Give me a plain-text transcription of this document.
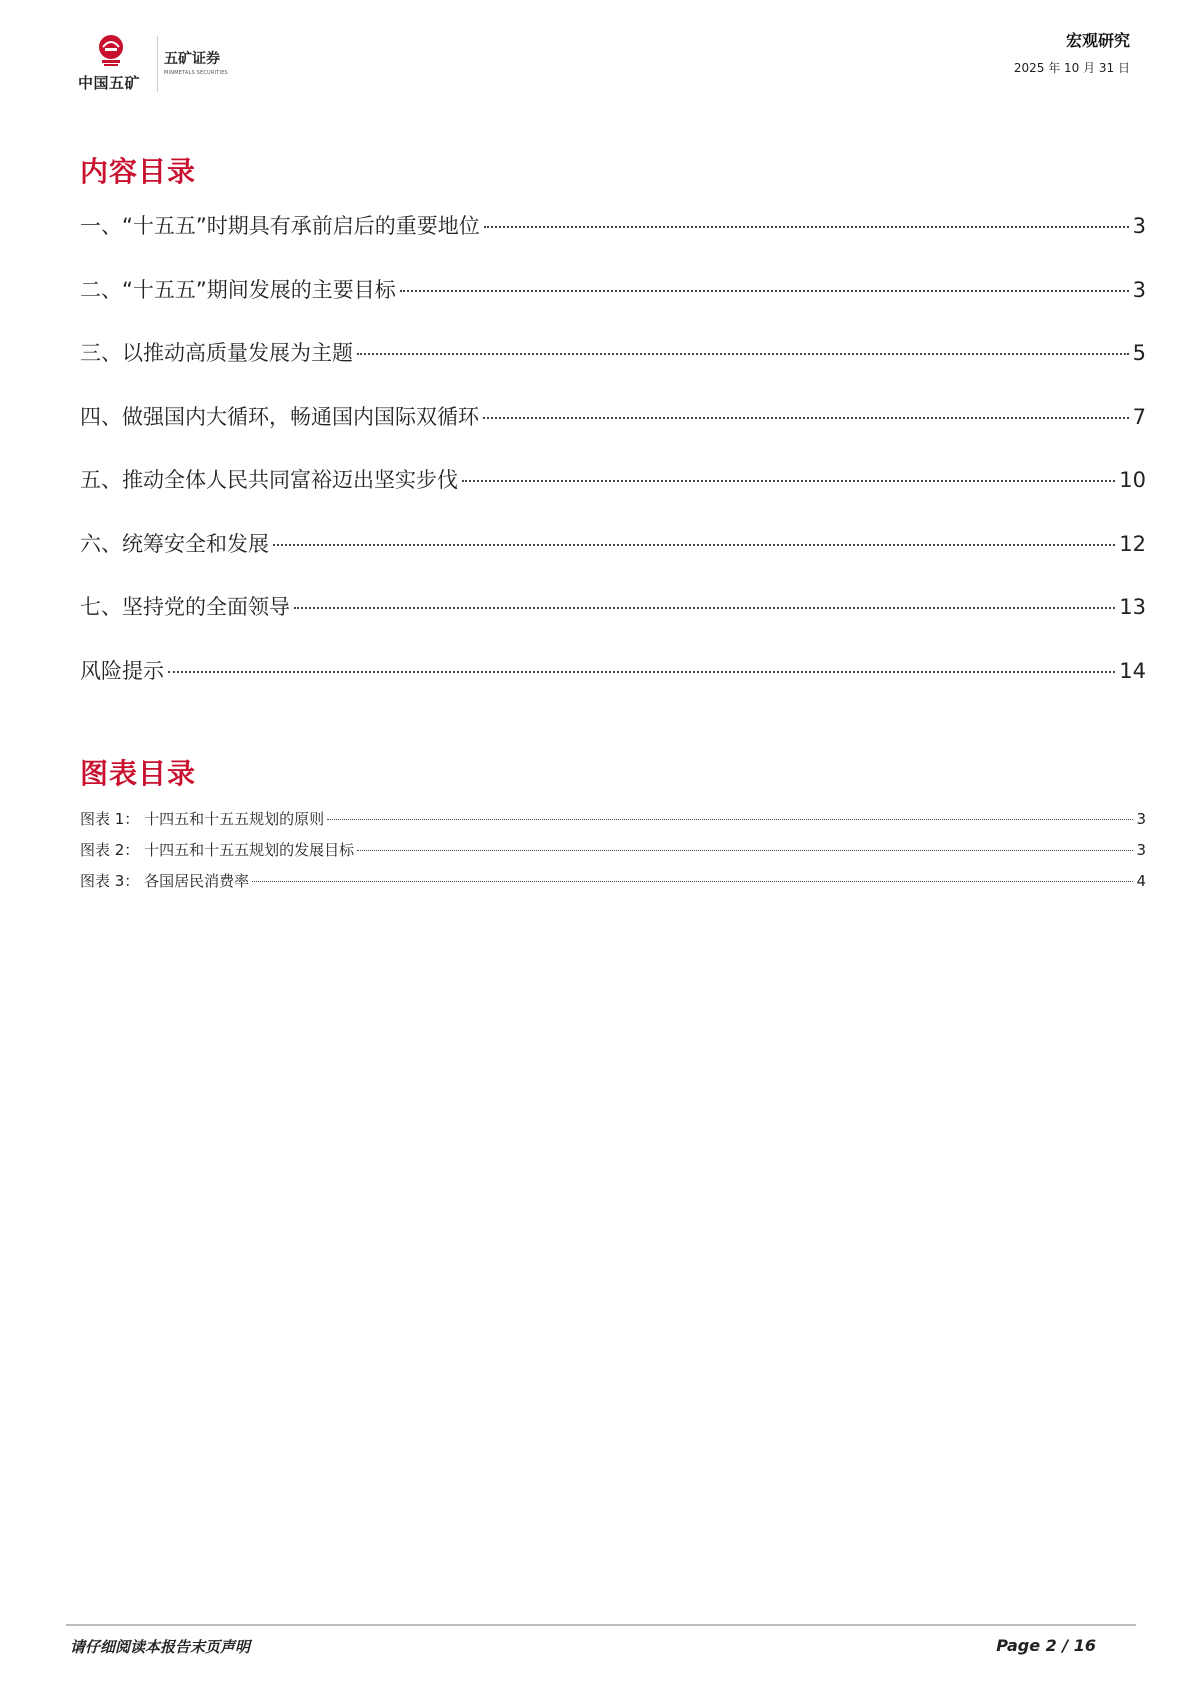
中国五矿
五矿证券
MINMETALS SECURITIES
宏观研究
2025 年 10 月 31 日
内容目录
一、“十五五”时期具有承前启后的重要地位	3
二、“十五五”期间发展的主要目标	3
三、以推动高质量发展为主题	5
四、做强国内大循环，畅通国内国际双循环	7
五、推动全体人民共同富裕迈出坚实步伐	10
六、统筹安全和发展	12
七、坚持党的全面领导	13
风险提示	14
图表目录
图表 1： 十四五和十五五规划的原则	3
图表 2： 十四五和十五五规划的发展目标	3
图表 3： 各国居民消费率	4
请仔细阅读本报告末页声明	Page 2 / 16
